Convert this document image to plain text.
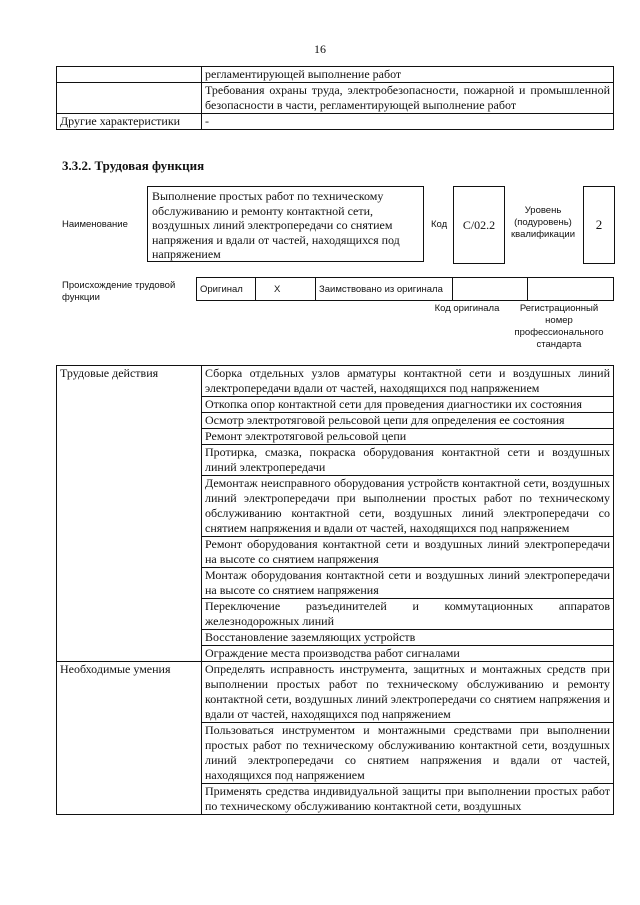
16
	регламентирующей выполнение работ
	Требования охраны труда, электробезопасности, пожарной и промышленной безопасности в части, регламентирующей выполнение работ
Другие характеристики	-
3.3.2. Трудовая функция
Наименование
Выполнение простых работ по техническому обслуживанию и ремонту контактной сети, воздушных линий электропередачи со снятием напряжения и вдали от частей, находящихся под напряжением
Код	C/02.2
Уровень (подуровень) квалификации
2
Происхождение трудовой функции
Оригинал	X	Заимствовано из оригинала		
Код оригинала	Регистрационный номер профессионального стандарта
Трудовые действия	Сборка отдельных узлов арматуры контактной сети и воздушных линий электропередачи вдали от частей, находящихся под напряжением
	Откопка опор контактной сети для проведения диагностики их состояния
	Осмотр электротяговой рельсовой цепи для определения ее состояния
	Ремонт электротяговой рельсовой цепи
	Протирка, смазка, покраска оборудования контактной сети и воздушных линий электропередачи
	Демонтаж неисправного оборудования устройств контактной сети, воздушных линий электропередачи при выполнении простых работ по техническому обслуживанию контактной сети, воздушных линий электропередачи со снятием напряжения и вдали от частей, находящихся под напряжением
	Ремонт оборудования контактной сети и воздушных линий электропередачи на высоте со снятием напряжения
	Монтаж оборудования контактной сети и воздушных линий электропередачи на высоте со снятием напряжения
	Переключение разъединителей и коммутационных аппаратов железнодорожных линий
	Восстановление заземляющих устройств
	Ограждение места производства работ сигналами
Необходимые умения	Определять исправность инструмента, защитных и монтажных средств при выполнении простых работ по техническому обслуживанию и ремонту контактной сети, воздушных линий электропередачи со снятием напряжения и вдали от частей, находящихся под напряжением
	Пользоваться инструментом и монтажными средствами при выполнении простых работ по техническому обслуживанию контактной сети, воздушных линий электропередачи со снятием напряжения и вдали от частей, находящихся под напряжением
	Применять средства индивидуальной защиты при выполнении простых работ по техническому обслуживанию контактной сети, воздушных
